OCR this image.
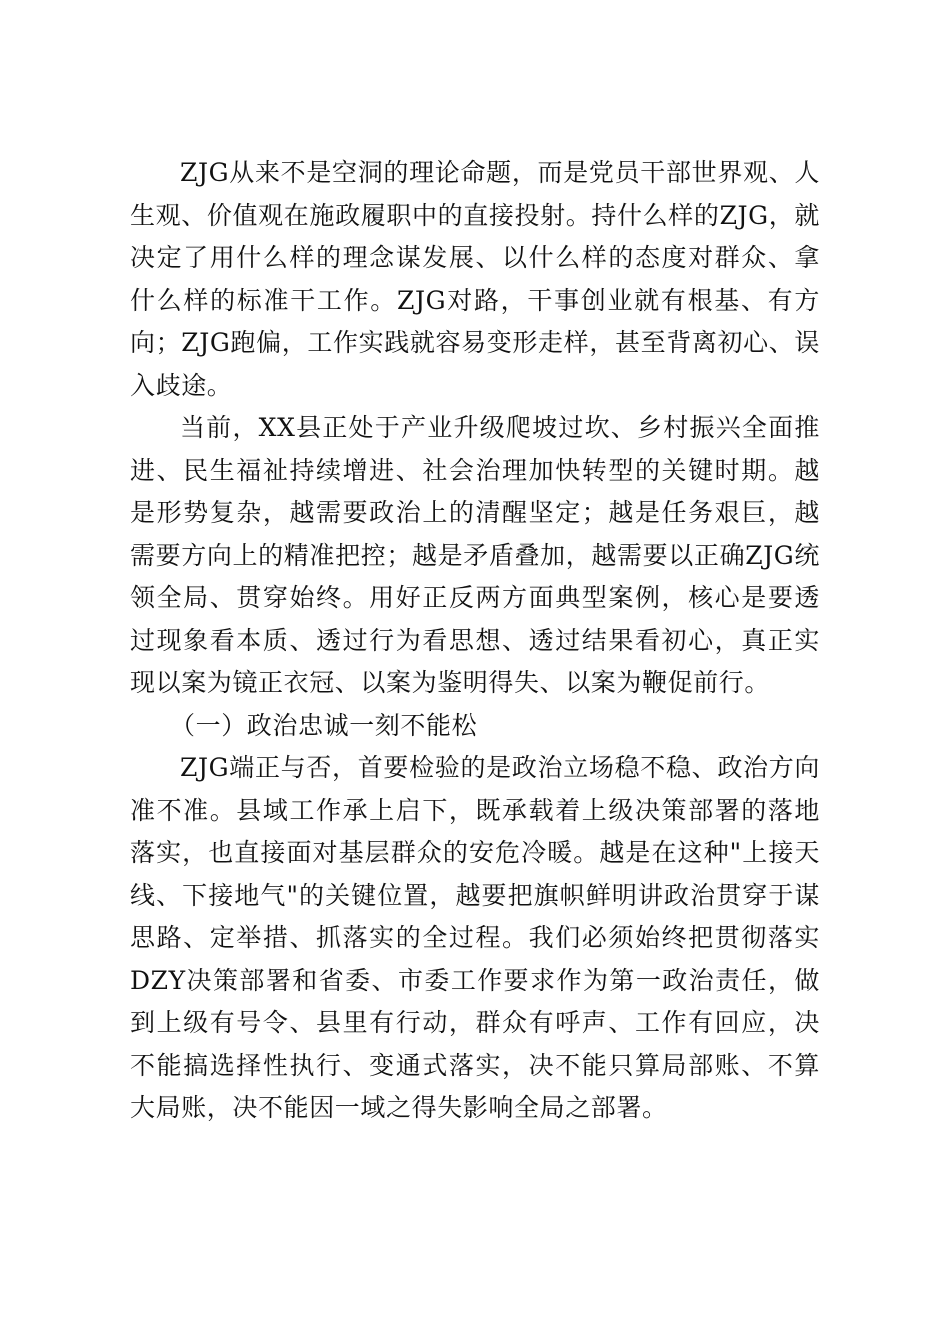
ZJG从来不是空洞的理论命题，而是党员干部世界观、人生观、价值观在施政履职中的直接投射。持什么样的ZJG，就决定了用什么样的理念谋发展、以什么样的态度对群众、拿什么样的标准干工作。ZJG对路，干事创业就有根基、有方向；ZJG跑偏，工作实践就容易变形走样，甚至背离初心、误入歧途。

当前，XX县正处于产业升级爬坡过坎、乡村振兴全面推进、民生福祉持续增进、社会治理加快转型的关键时期。越是形势复杂，越需要政治上的清醒坚定；越是任务艰巨，越需要方向上的精准把控；越是矛盾叠加，越需要以正确ZJG统领全局、贯穿始终。用好正反两方面典型案例，核心是要透过现象看本质、透过行为看思想、透过结果看初心，真正实现以案为镜正衣冠、以案为鉴明得失、以案为鞭促前行。

（一）政治忠诚一刻不能松

ZJG端正与否，首要检验的是政治立场稳不稳、政治方向准不准。县域工作承上启下，既承载着上级决策部署的落地落实，也直接面对基层群众的安危冷暖。越是在这种"上接天线、下接地气"的关键位置，越要把旗帜鲜明讲政治贯穿于谋思路、定举措、抓落实的全过程。我们必须始终把贯彻落实DZY决策部署和省委、市委工作要求作为第一政治责任，做到上级有号令、县里有行动，群众有呼声、工作有回应，决不能搞选择性执行、变通式落实，决不能只算局部账、不算大局账，决不能因一域之得失影响全局之部署。
